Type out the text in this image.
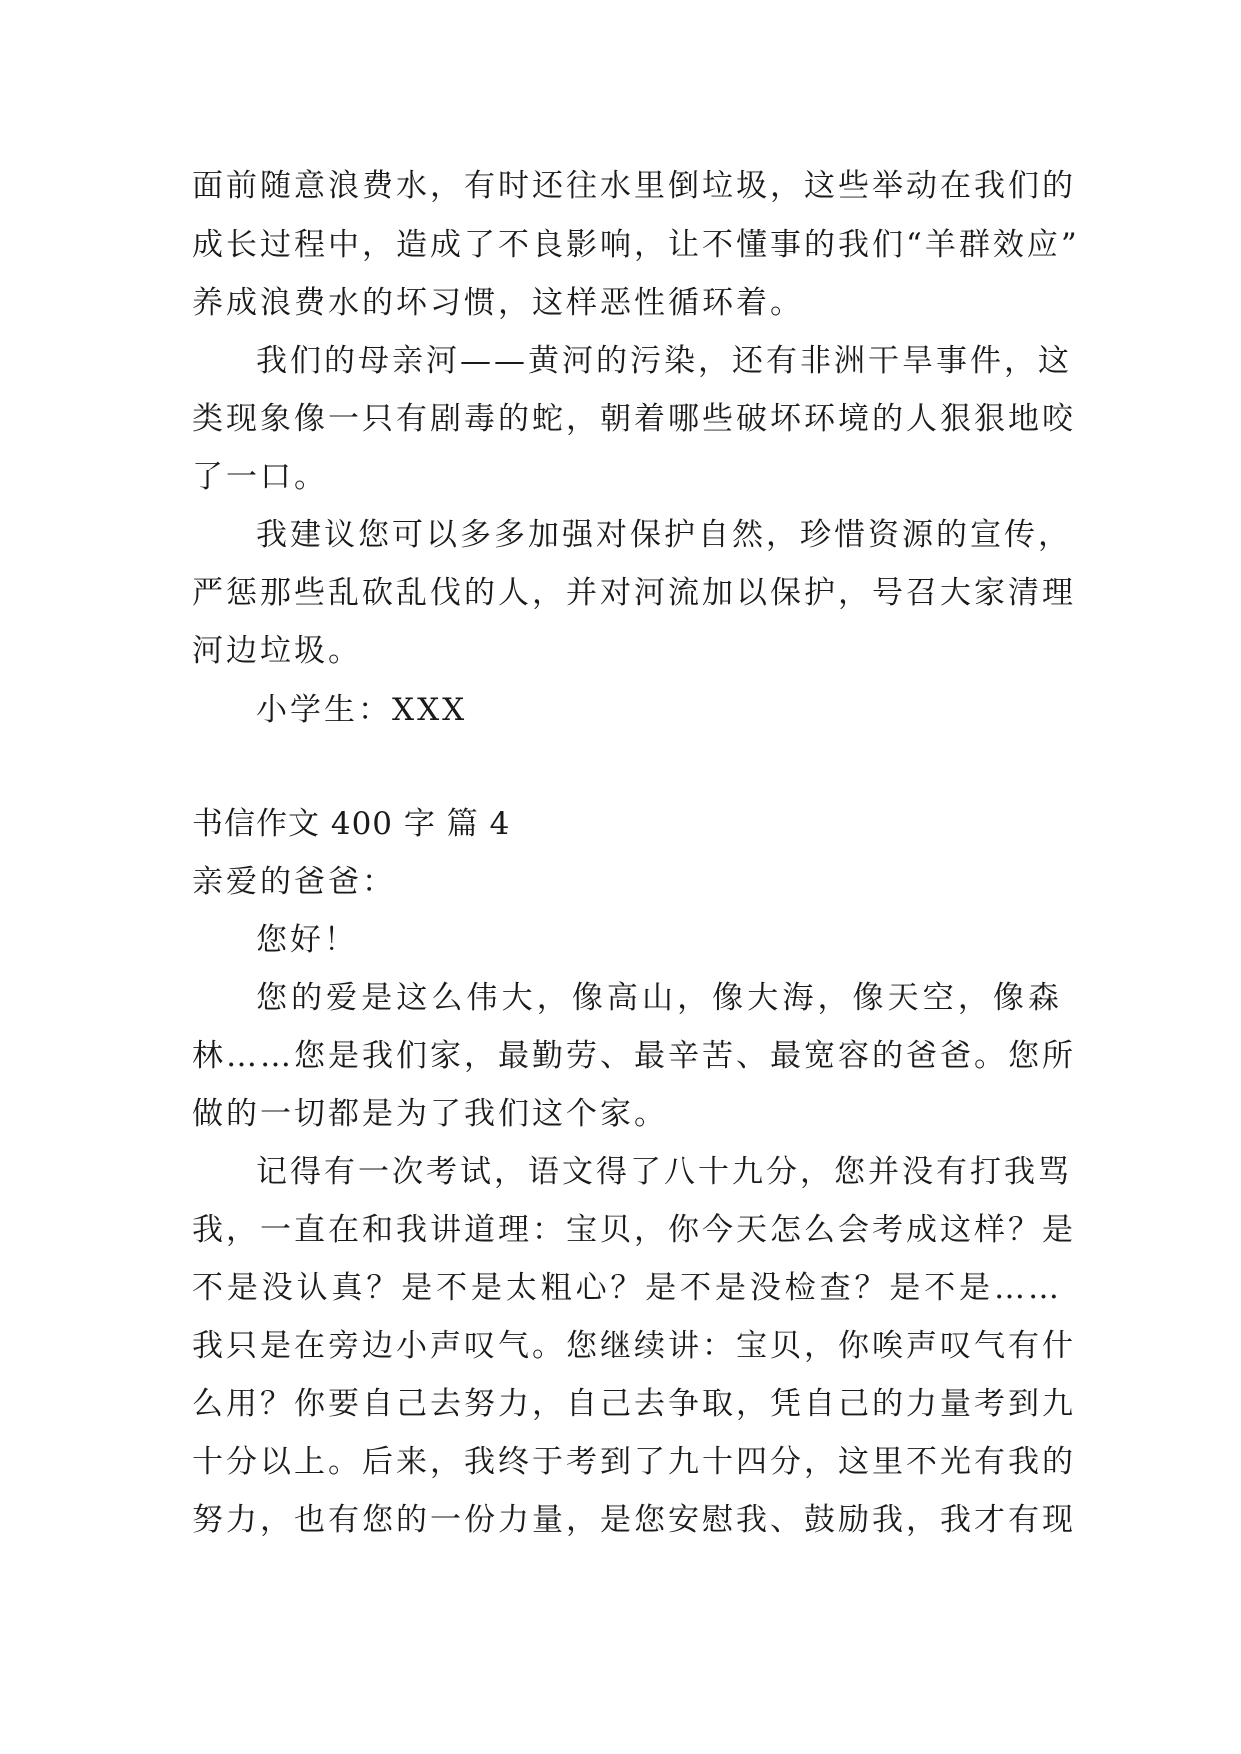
面前随意浪费水，有时还往水里倒垃圾，这些举动在我们的
成长过程中，造成了不良影响，让不懂事的我们“羊群效应”
养成浪费水的坏习惯，这样恶性循环着。
我们的母亲河——黄河的污染，还有非洲干旱事件，这
类现象像一只有剧毒的蛇，朝着哪些破坏环境的人狠狠地咬
了一口。
我建议您可以多多加强对保护自然，珍惜资源的宣传，
严惩那些乱砍乱伐的人，并对河流加以保护，号召大家清理
河边垃圾。
小学生：XXX
书信作文 400 字 篇 4
亲爱的爸爸：
您好！
您的爱是这么伟大，像高山，像大海，像天空，像森
林……您是我们家，最勤劳、最辛苦、最宽容的爸爸。您所
做的一切都是为了我们这个家。
记得有一次考试，语文得了八十九分，您并没有打我骂
我，一直在和我讲道理：宝贝，你今天怎么会考成这样？是
不是没认真？是不是太粗心？是不是没检查？是不是……
我只是在旁边小声叹气。您继续讲：宝贝，你唉声叹气有什
么用？你要自己去努力，自己去争取，凭自己的力量考到九
十分以上。后来，我终于考到了九十四分，这里不光有我的
努力，也有您的一份力量，是您安慰我、鼓励我，我才有现
